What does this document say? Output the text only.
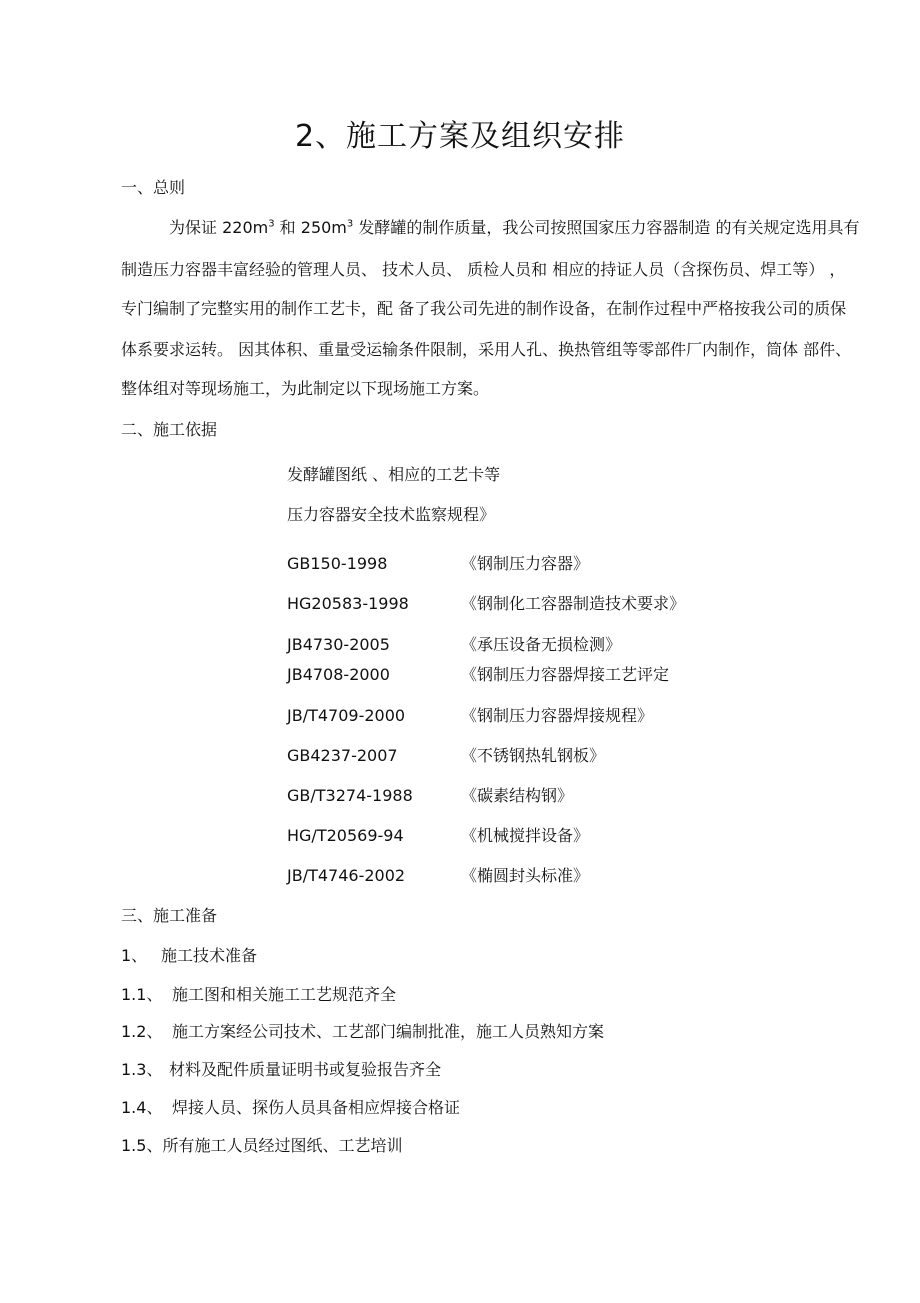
2、施工方案及组织安排
一、总则
为保证 $220m^3$ 和 $250m^3$ 发酵罐的制作质量，我公司按照国家压力容器制造 的有关规定选用具有
制造压力容器丰富经验的管理人员、 技术人员、 质检人员和 相应的持证人员（含探伤员、焊工等） ，
专门编制了完整实用的制作工艺卡，配 备了我公司先进的制作设备，在制作过程中严格按我公司的质保
体系要求运转。 因其体积、重量受运输条件限制，采用人孔、换热管组等零部件厂内制作，筒体 部件、
整体组对等现场施工，为此制定以下现场施工方案。
二、施工依据
发酵罐图纸 、相应的工艺卡等
压力容器安全技术监察规程》
GB150-1998	《钢制压力容器》
HG20583-1998	《钢制化工容器制造技术要求》
JB4730-2005	《承压设备无损检测》
JB4708-2000	《钢制压力容器焊接工艺评定
JB/T4709-2000	《钢制压力容器焊接规程》
GB4237-2007	《不锈钢热轧钢板》
GB/T3274-1988	《碳素结构钢》
HG/T20569-94	《机械搅拌设备》
JB/T4746-2002	《椭圆封头标准》
三、施工准备
1、 施工技术准备
1.1、 施工图和相关施工工艺规范齐全
1.2、 施工方案经公司技术、工艺部门编制批准，施工人员熟知方案
1.3、 材料及配件质量证明书或复验报告齐全
1.4、 焊接人员、探伤人员具备相应焊接合格证
1.5、所有施工人员经过图纸、工艺培训
